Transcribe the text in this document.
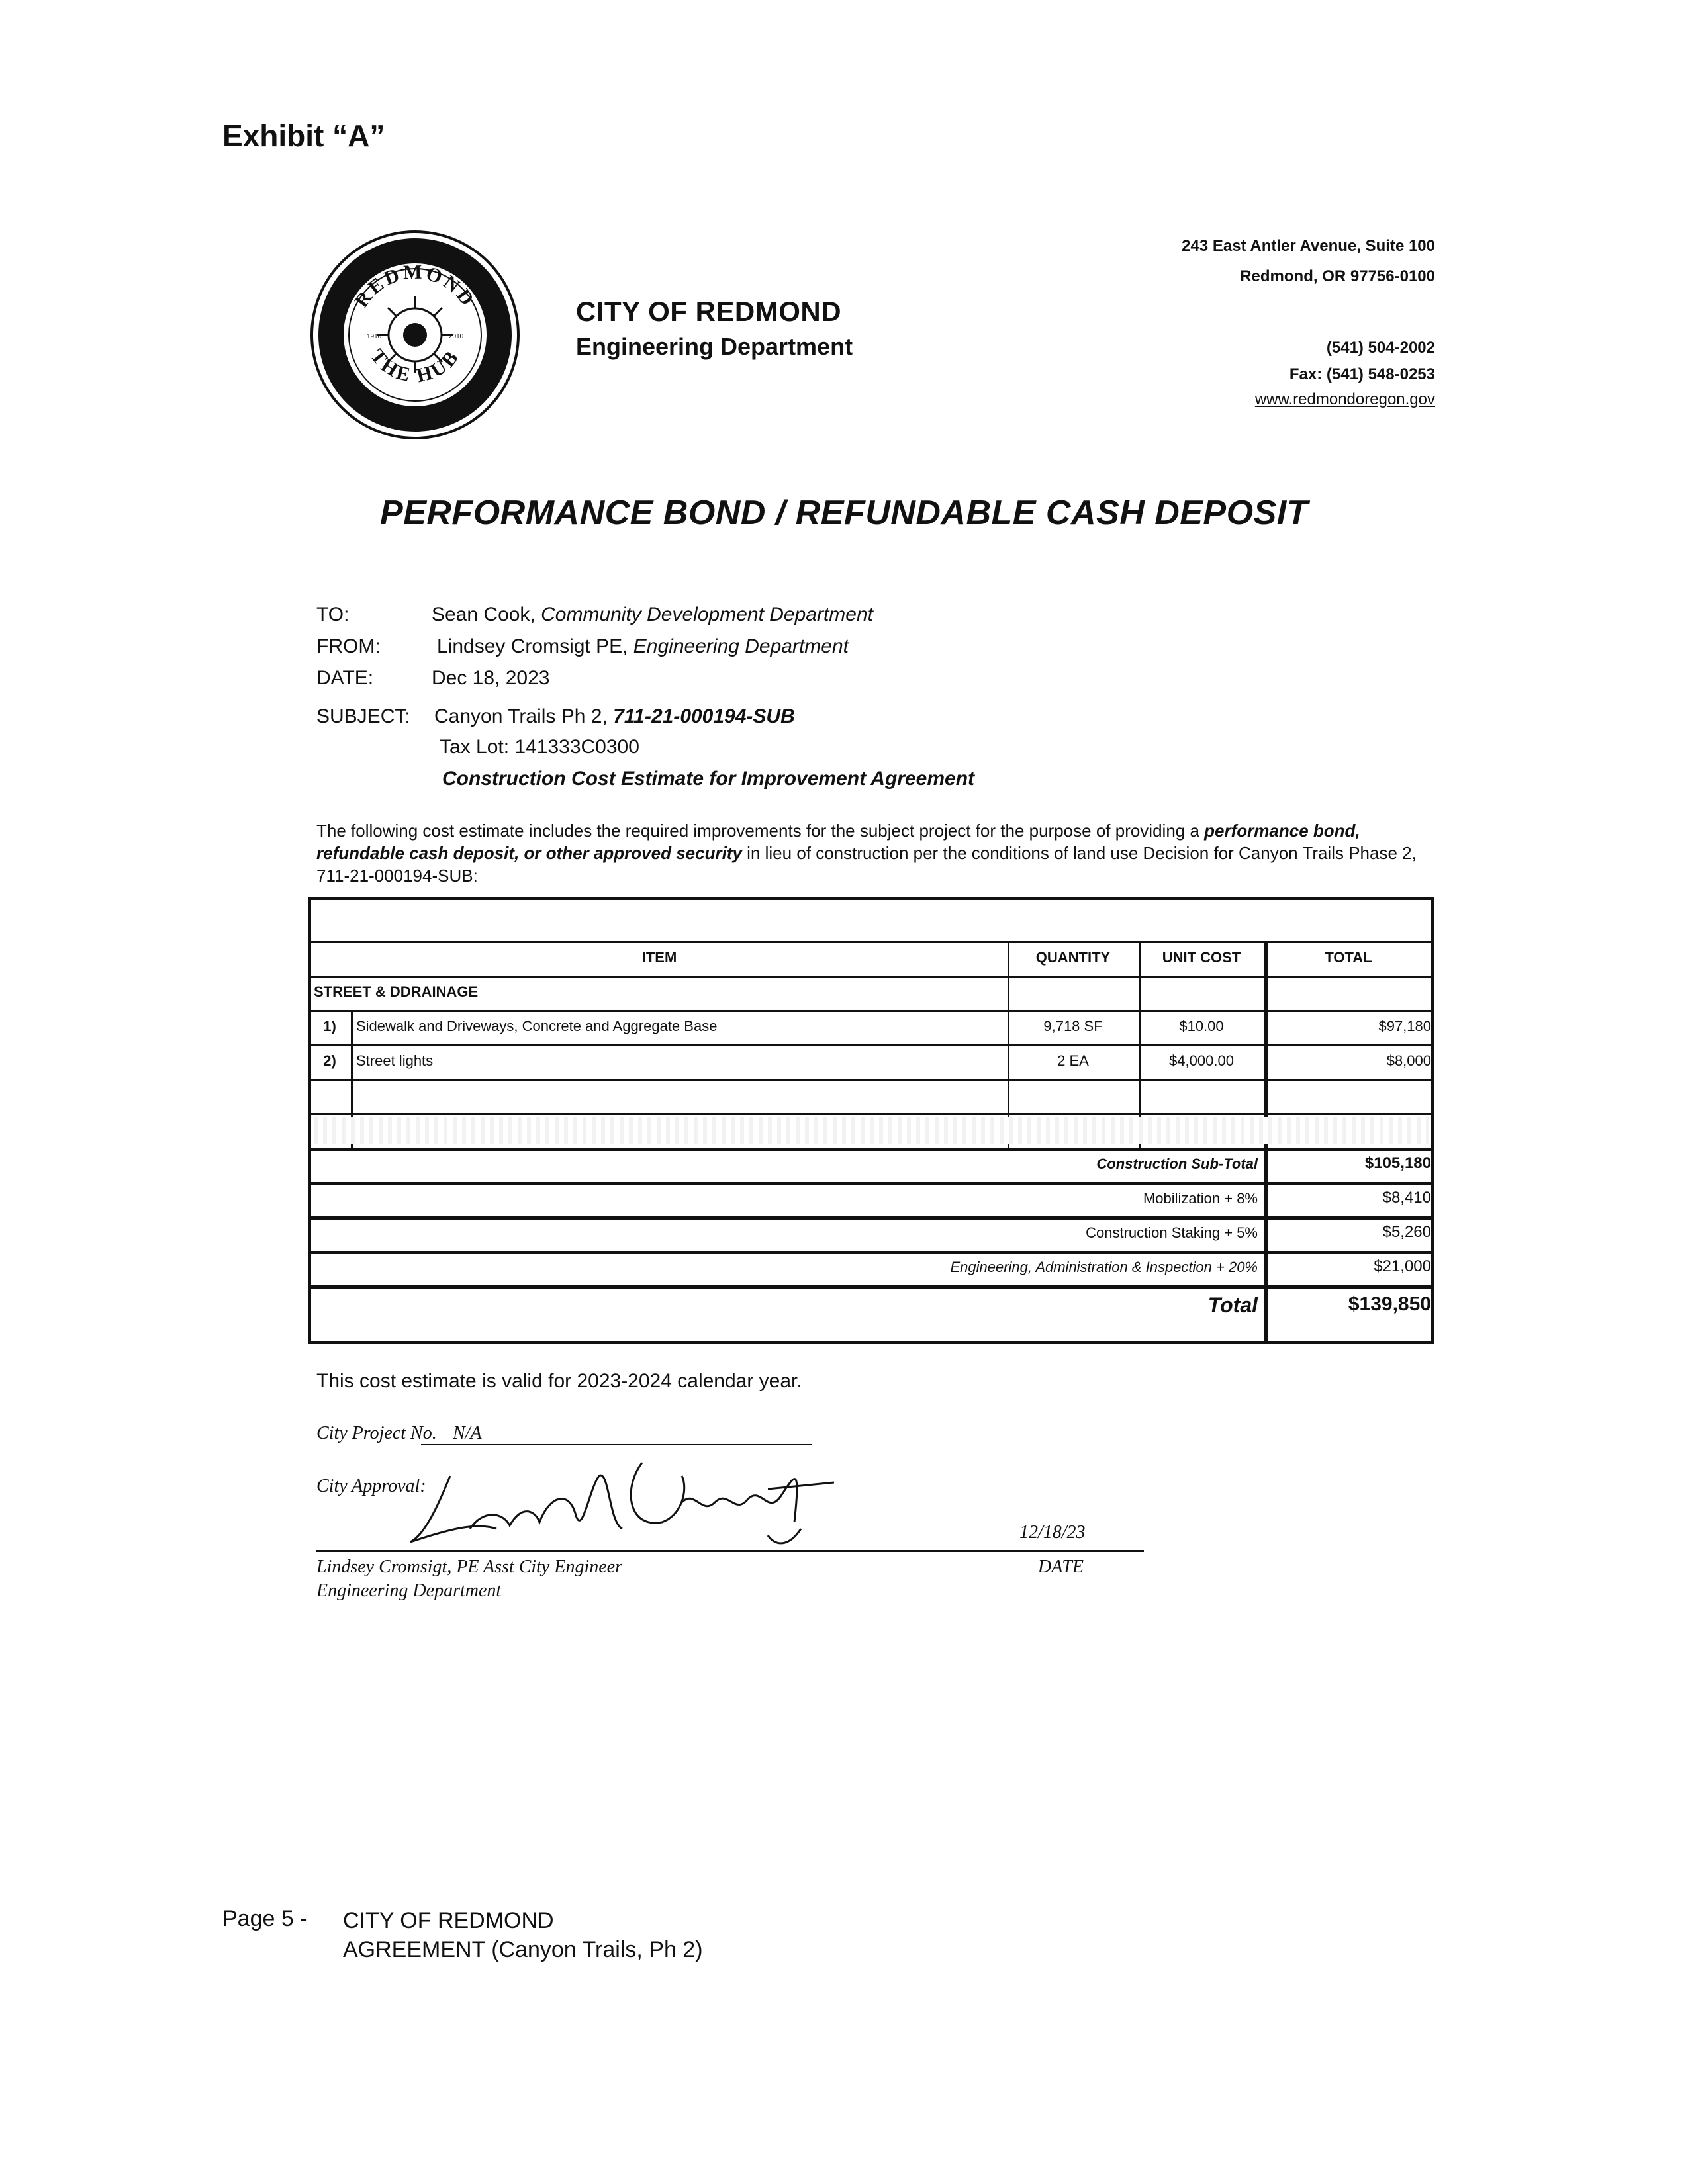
Exhibit “A”
REDMOND
THE HUB
1910	2010
CITY OF REDMOND
Engineering Department
243 East Antler Avenue, Suite 100
Redmond, OR 97756-0100
(541) 504-2002
Fax: (541) 548-0253
www.redmondoregon.gov
PERFORMANCE BOND / REFUNDABLE CASH DEPOSIT
TO:	Sean Cook, Community Development Department
FROM:	Lindsey Cromsigt PE, Engineering Department
DATE:	Dec 18, 2023
SUBJECT: Canyon Trails Ph 2, 711-21-000194-SUB
Tax Lot: 141333C0300
Construction Cost Estimate for Improvement Agreement
The following cost estimate includes the required improvements for the subject project for the purpose of providing a performance bond, refundable cash deposit, or other approved security in lieu of construction per the conditions of land use Decision for Canyon Trails Phase 2, 711-21-000194-SUB:
ITEM	QUANTITY	UNIT COST	TOTAL
STREET & DDRAINAGE
1)	Sidewalk and Driveways, Concrete and Aggregate Base	9,718 SF	$10.00	$97,180
2)	Street lights	2 EA	$4,000.00	$8,000
Construction Sub-Total	$105,180
Mobilization + 8%	$8,410
Construction Staking + 5%	$5,260
Engineering, Administration & Inspection + 20%	$21,000
Total	$139,850
This cost estimate is valid for 2023-2024 calendar year.
City Project No. N/A
City Approval:
Lindsey Cromsigt, PE Asst City Engineer
Engineering Department
12/18/23
DATE
Page 5 - CITY OF REDMOND
AGREEMENT (Canyon Trails, Ph 2)
